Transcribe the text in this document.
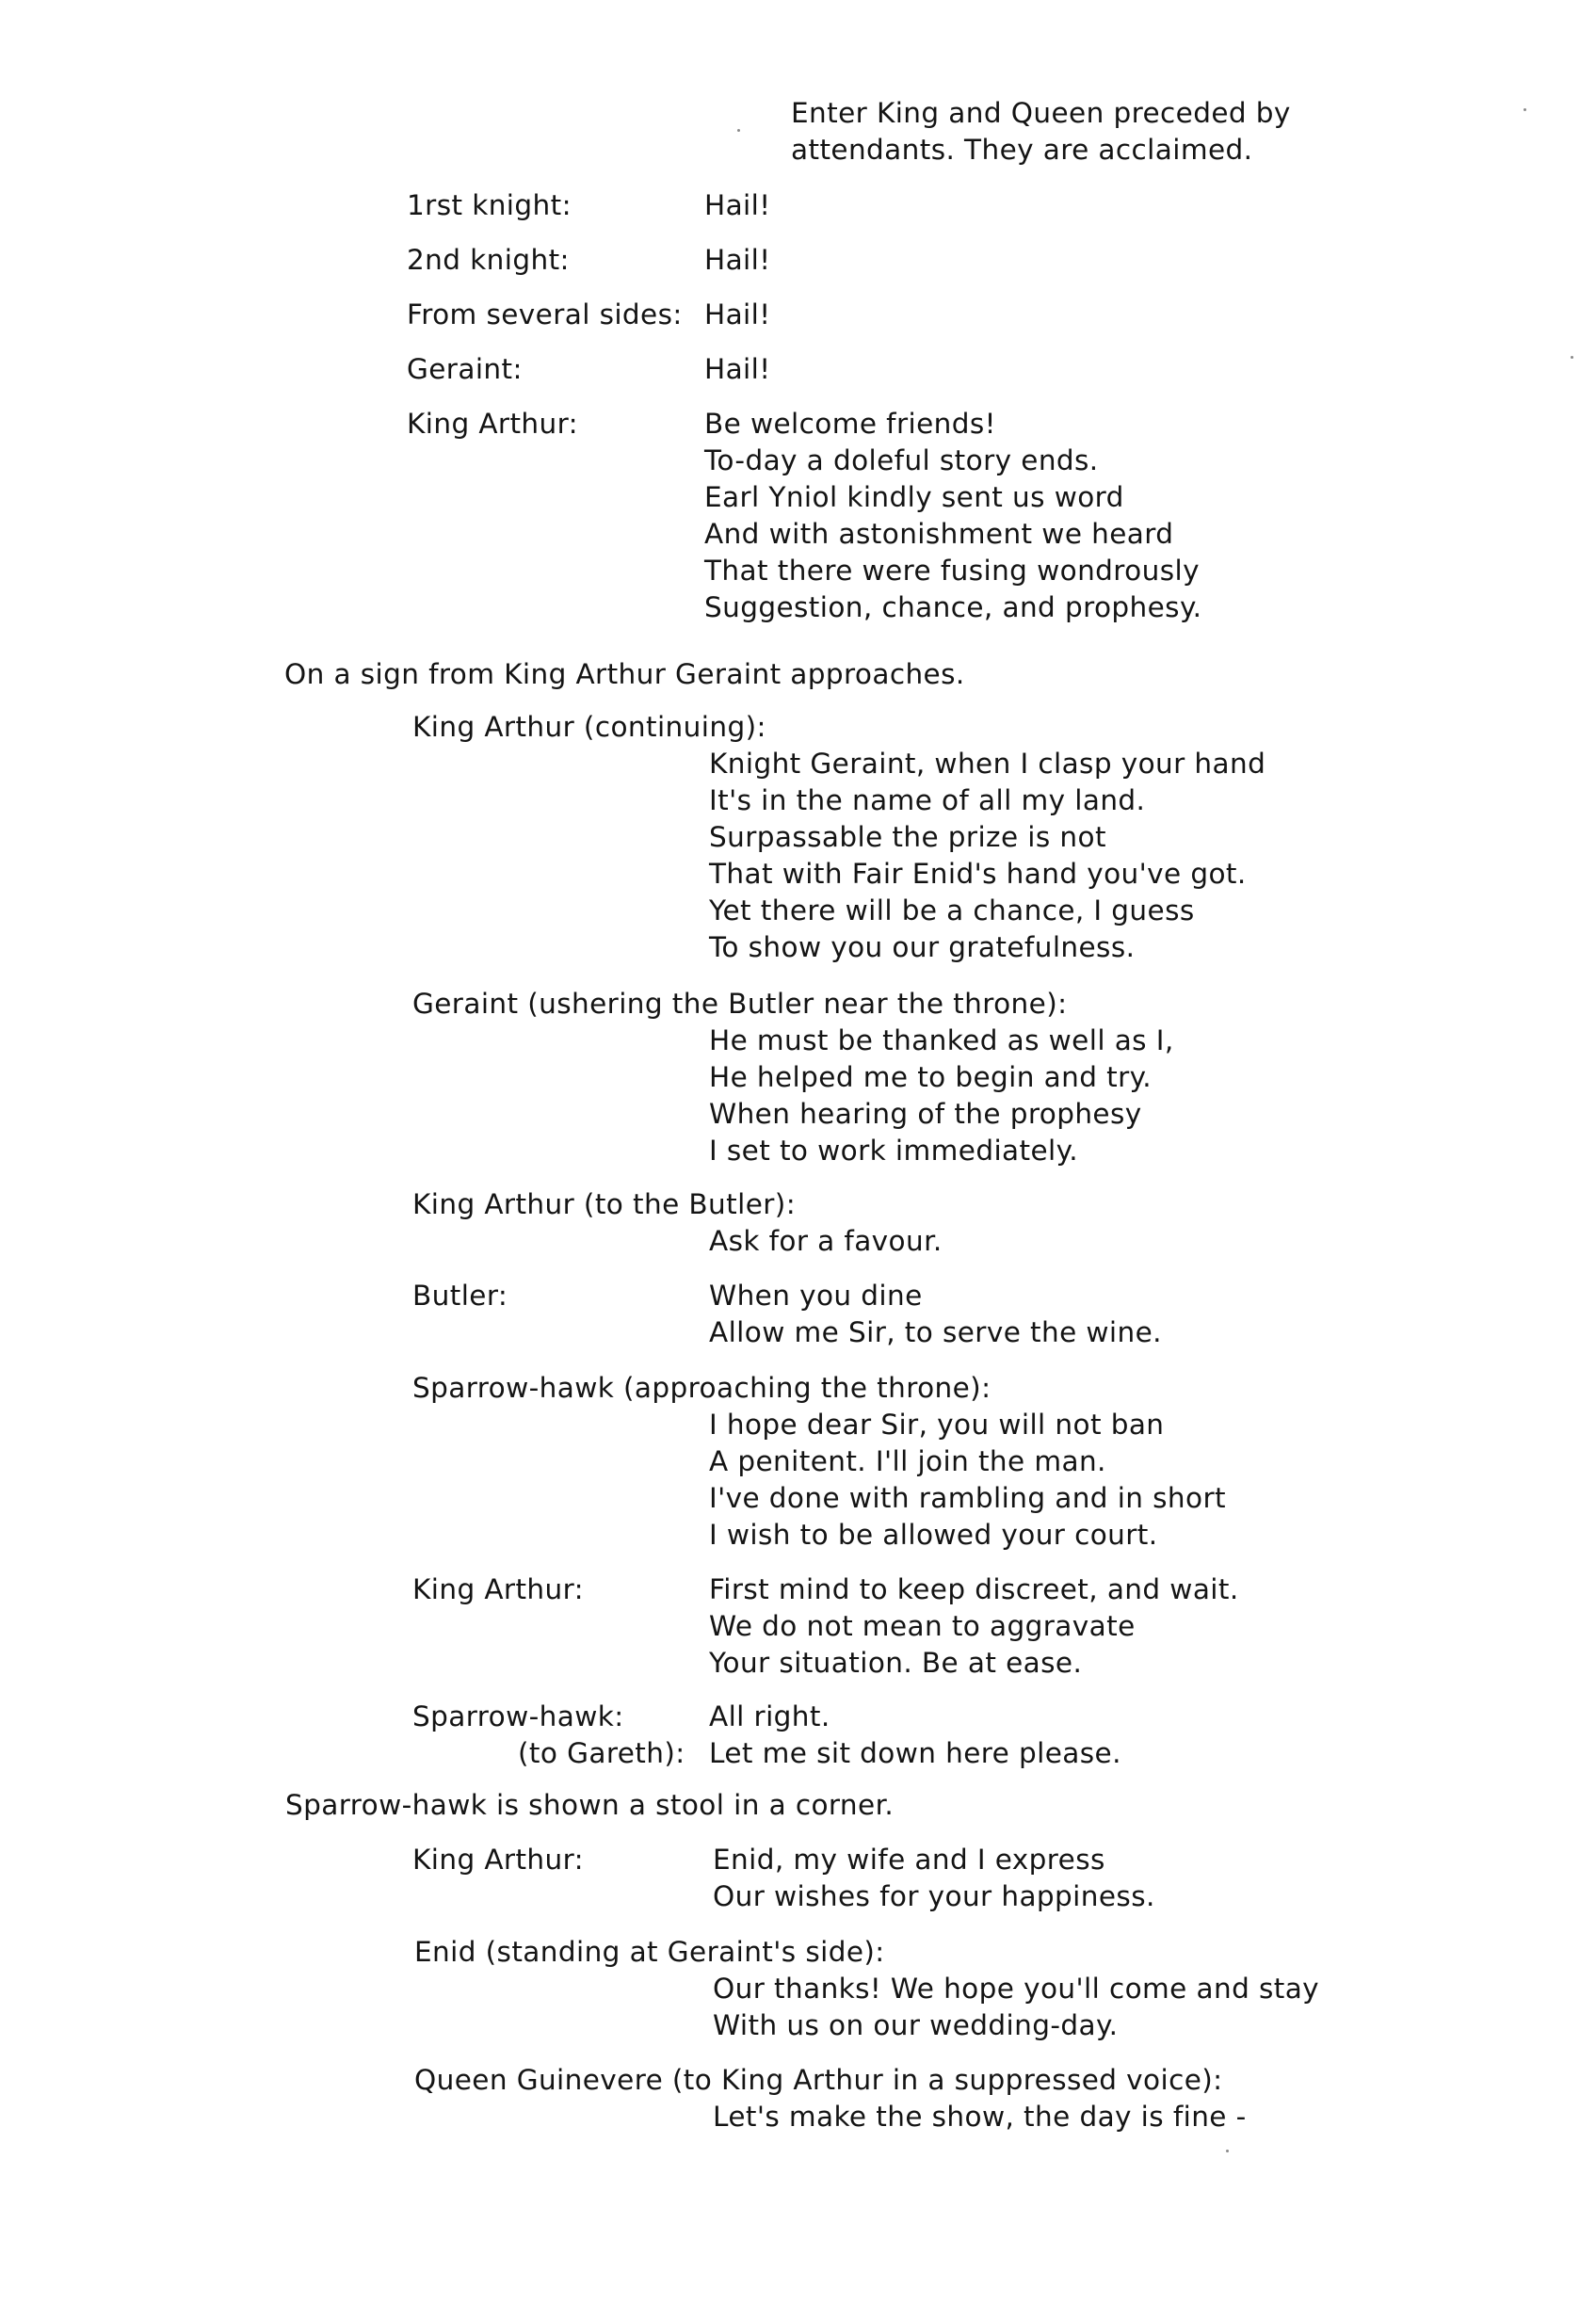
Enter King and Queen preceded by
attendants. They are acclaimed.
1rst knight:	Hail!
2nd knight:	Hail!
From several sides: Hail!
Geraint:	Hail!
King Arthur:	Be welcome friends!
To-day a doleful story ends.
Earl Yniol kindly sent us word
And with astonishment we heard
That there were fusing wondrously
Suggestion, chance, and prophesy.
On a sign from King Arthur Geraint approaches.
King Arthur (continuing):
Knight Geraint, when I clasp your hand
It's in the name of all my land.
Surpassable the prize is not
That with Fair Enid's hand you've got.
Yet there will be a chance, I guess
To show you our gratefulness.
Geraint (ushering the Butler near the throne):
He must be thanked as well as I,
He helped me to begin and try.
When hearing of the prophesy
I set to work immediately.
King Arthur (to the Butler):
Ask for a favour.
Butler:	When you dine
Allow me Sir, to serve the wine.
Sparrow-hawk (approaching the throne):
I hope dear Sir, you will not ban
A penitent. I'll join the man.
I've done with rambling and in short
I wish to be allowed your court.
King Arthur:	First mind to keep discreet, and wait.
We do not mean to aggravate
Your situation. Be at ease.
Sparrow-hawk:	All right.
(to Gareth): Let me sit down here please.
Sparrow-hawk is shown a stool in a corner.
King Arthur:	Enid, my wife and I express
Our wishes for your happiness.
Enid (standing at Geraint's side):
Our thanks! We hope you'll come and stay
With us on our wedding-day.
Queen Guinevere (to King Arthur in a suppressed voice):
Let's make the show, the day is fine -
